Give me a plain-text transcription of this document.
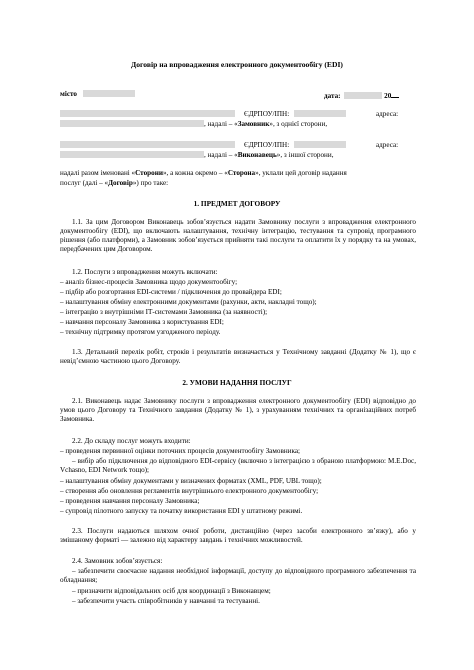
Договір на впровадження електронного документообігу (EDI)
місто	дата:	20
ЄДРПОУ/ІПН:	адреса:
, надалі – «Замовник», з однієї сторони,
ЄДРПОУ/ІПН:	адреса:
, надалі – «Виконавець», з іншої сторони,
надалі разом іменовані «Сторони», а кожна окремо – «Сторона», уклали цей договір надання
послуг (далі – «Договір») про таке:
1. ПРЕДМЕТ ДОГОВОРУ
1.1. За цим Договором Виконавець зобов’язується надати Замовнику послуги з впровадження електронного документообігу (EDI), що включають налаштування, технічну інтеграцію, тестування та супровід програмного рішення (або платформи), а Замовник зобов’язується прийняти такі послуги та оплатити їх у порядку та на умовах, передбачених цим Договором.
1.2. Послуги з впровадження можуть включати:
– аналіз бізнес-процесів Замовника щодо документообігу;
– підбір або розгортання EDI-системи / підключення до провайдера EDI;
– налаштування обміну електронними документами (рахунки, акти, накладні тощо);
– інтеграцію з внутрішніми ІТ-системами Замовника (за наявності);
– навчання персоналу Замовника з користування EDI;
– технічну підтримку протягом узгодженого періоду.
1.3. Детальний перелік робіт, строків і результатів визначається у Технічному завданні (Додатку № 1), що є невід’ємною частиною цього Договору.
2. УМОВИ НАДАННЯ ПОСЛУГ
2.1. Виконавець надає Замовнику послуги з впровадження електронного документообігу (EDI) відповідно до умов цього Договору та Технічного завдання (Додатку № 1), з урахуванням технічних та організаційних потреб Замовника.
2.2. До складу послуг можуть входити:
– проведення первинної оцінки поточних процесів документообігу Замовника;
– вибір або підключення до відповідного EDI-сервісу (включно з інтеграцією з обраною платформою: M.E.Doc, Vchasno, EDI Network тощо);
– налаштування обміну документами у визначених форматах (XML, PDF, UBL тощо);
– створення або оновлення регламентів внутрішнього електронного документообігу;
– проведення навчання персоналу Замовника;
– супровід пілотного запуску та початку використання EDI у штатному режимі.
2.3. Послуги надаються шляхом очної роботи, дистанційно (через засоби електронного зв’язку), або у змішаному форматі — залежно від характеру завдань і технічних можливостей.
2.4. Замовник зобов’язується:
– забезпечити своєчасне надання необхідної інформації, доступу до відповідного програмного забезпечення та обладнання;
– призначити відповідальних осіб для координації з Виконавцем;
– забезпечити участь співробітників у навчанні та тестуванні.
